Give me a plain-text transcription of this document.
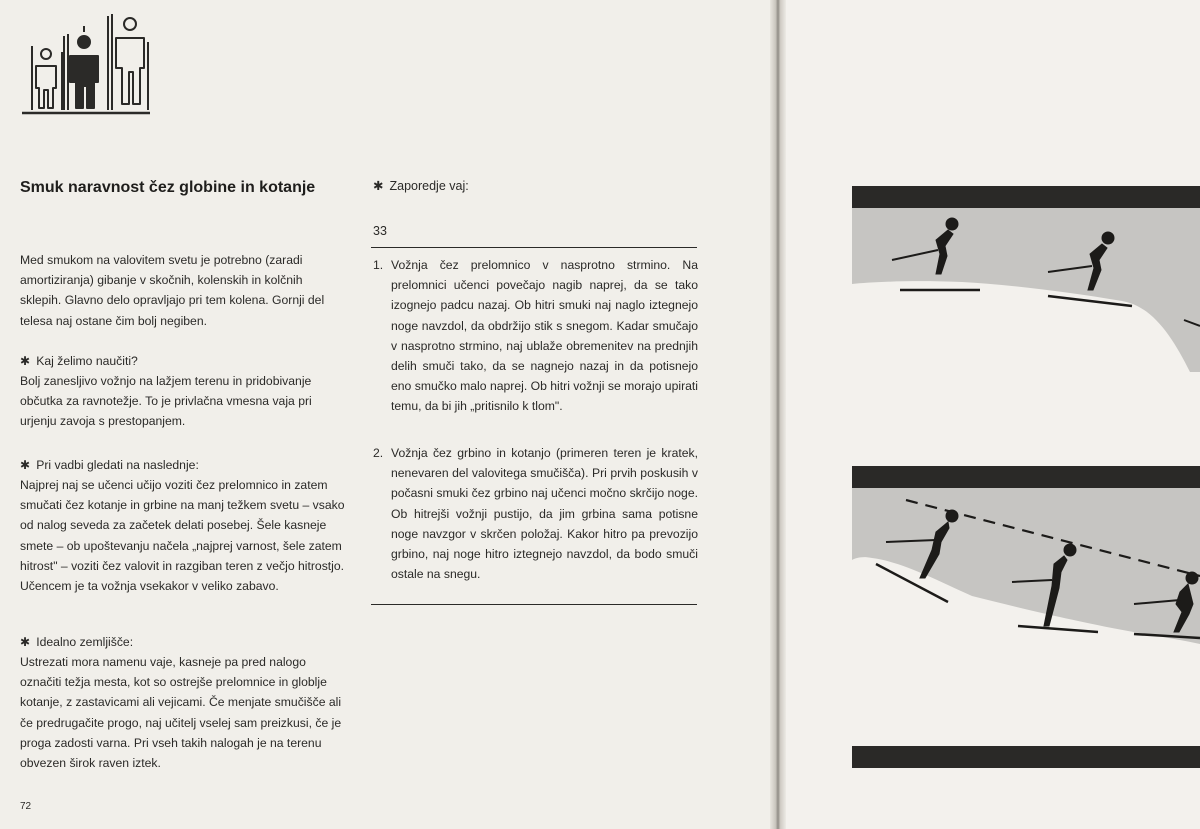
Smuk naravnost čez globine in kotanje
Med smukom na valovitem svetu je potrebno (zaradi amortiziranja) gibanje v skočnih, kolenskih in kolčnih sklepih. Glavno delo opravljajo pri tem kolena. Gornji del telesa naj ostane čim bolj negiben.
✱ Kaj želimo naučiti?
Bolj zanesljivo vožnjo na lažjem terenu in pridobivanje občutka za ravnotežje. To je privlačna vmesna vaja pri urjenju zavoja s prestopanjem.
✱ Pri vadbi gledati na naslednje:
Najprej naj se učenci učijo voziti čez prelomnico in zatem smučati čez kotanje in grbine na manj težkem svetu – vsako od nalog seveda za začetek delati posebej. Šele kasneje smete – ob upoštevanju načela „najprej varnost, šele zatem hitrost" – voziti čez valovit in razgiban teren z večjo hitrostjo. Učencem je ta vožnja vsekakor v veliko zabavo.
✱ Idealno zemljišče:
Ustrezati mora namenu vaje, kasneje pa pred nalogo označiti težja mesta, kot so ostrejše prelomnice in globlje kotanje, z zastavicami ali vejicami. Če menjate smučišče ali če predrugačite progo, naj učitelj vselej sam preizkusi, če je proga zadosti varna. Pri vseh takih nalogah je na terenu obvezen širok raven iztek.
72
✱ Zaporedje vaj:
33
1. Vožnja čez prelomnico v nasprotno strmino. Na prelomnici učenci povečajo nagib naprej, da se tako izognejo padcu nazaj. Ob hitri smuki naj naglo iztegnejo noge navzdol, da obdržijo stik s snegom. Kadar smučajo v nasprotno strmino, naj ublaže obremenitev na prednjih delih smuči tako, da se nagnejo nazaj in da potisnejo eno smučko malo naprej. Ob hitri vožnji se morajo upirati temu, da bi jih „pritisnilo k tlom".
2. Vožnja čez grbino in kotanjo (primeren teren je kratek, nenevaren del valovitega smučišča). Pri prvih poskusih v počasni smuki čez grbino naj učenci močno skrčijo noge. Ob hitrejši vožnji pustijo, da jim grbina sama potisne noge navzgor v skrčen položaj. Kakor hitro pa prevozijo grbino, naj noge hitro iztegnejo navzdol, da bodo smuči ostale na snegu.
